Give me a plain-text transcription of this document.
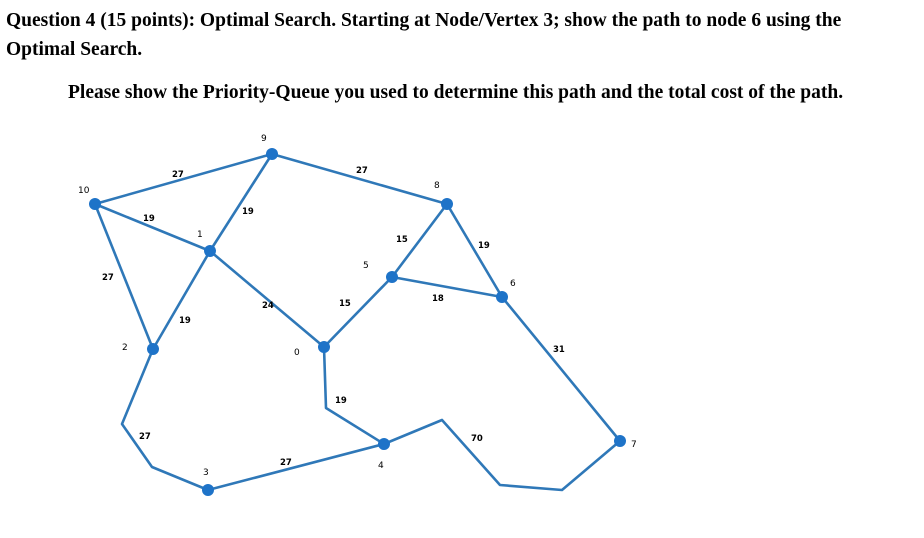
Question 4 (15 points): Optimal Search. Starting at Node/Vertex 3; show the path to node 6 using the
Optimal Search.

Please show the Priority-Queue you used to determine this path and the total cost of the path.

27
19
27
19
27
19
24
15
19
15	18
31
19
27
27
70
10
9
8
1
5
6
2	0
4
7
3
